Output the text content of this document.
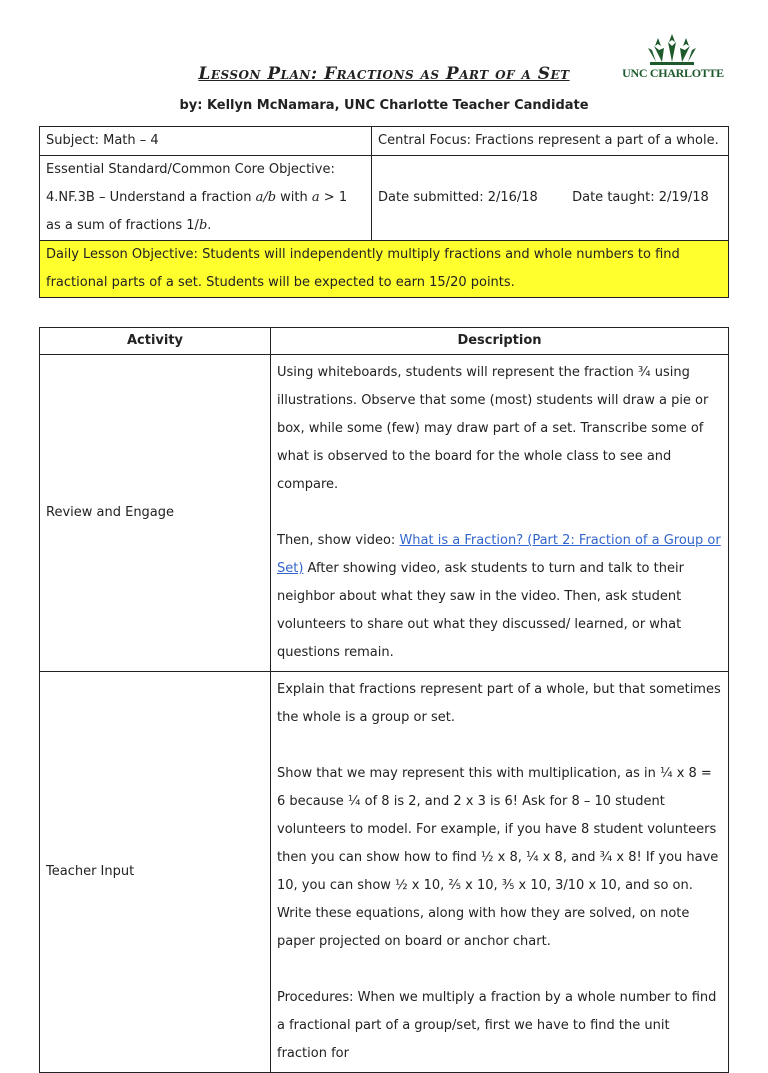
Lesson Plan: Fractions as Part of a Set
by: Kellyn McNamara, UNC Charlotte Teacher Candidate
UNC CHARLOTTE
Subject: Math – 4	Central Focus: Fractions represent a part of a whole.
Essential Standard/Common Core Objective:
4.NF.3B – Understand a fraction a/b with a > 1 as a sum of fractions 1/b.	Date submitted: 2/16/18 Date taught: 2/19/18
Daily Lesson Objective: Students will independently multiply fractions and whole numbers to find fractional parts of a set. Students will be expected to earn 15/20 points.	
Activity	Description
Review and Engage	Using whiteboards, students will represent the fraction ¾ using illustrations. Observe that some (most) students will draw a pie or box, while some (few) may draw part of a set. Transcribe some of what is observed to the board for the whole class to see and compare.

Then, show video: What is a Fraction? (Part 2: Fraction of a Group or Set) After showing video, ask students to turn and talk to their neighbor about what they saw in the video. Then, ask student volunteers to share out what they discussed/ learned, or what questions remain.

Teacher Input	Explain that fractions represent part of a whole, but that sometimes the whole is a group or set.

Show that we may represent this with multiplication, as in ¼ x 8 = 6 because ¼ of 8 is 2, and 2 x 3 is 6! Ask for 8 – 10 student volunteers to model. For example, if you have 8 student volunteers then you can show how to find ½ x 8, ¼ x 8, and ¾ x 8! If you have 10, you can show ½ x 10, ⅖ x 10, ⅗ x 10, 3/10 x 10, and so on. Write these equations, along with how they are solved, on note paper projected on board or anchor chart.

Procedures: When we multiply a fraction by a whole number to find a fractional part of a group/set, first we have to find the unit fraction for
